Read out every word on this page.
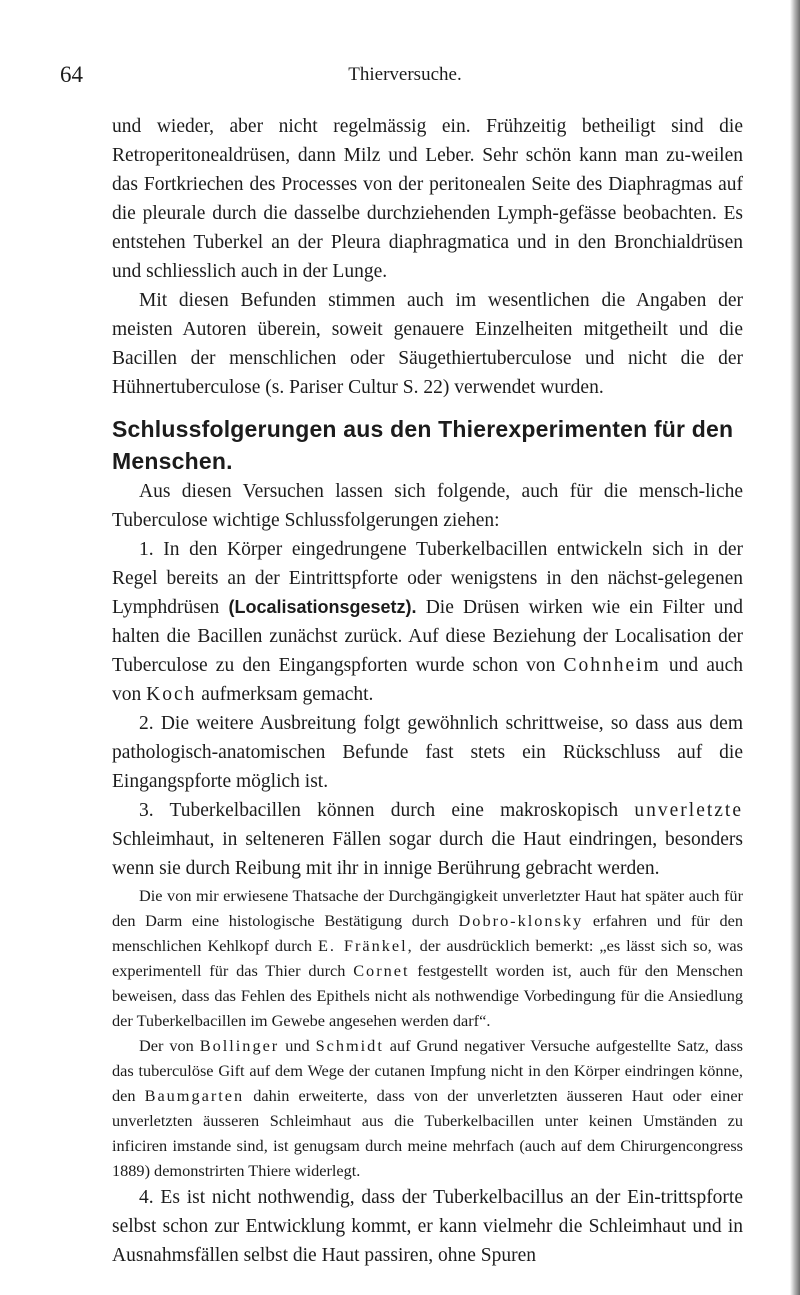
64	Thierversuche.

und wieder, aber nicht regelmässig ein. Frühzeitig betheiligt sind die Retroperitonealdrüsen, dann Milz und Leber. Sehr schön kann man zu-weilen das Fortkriechen des Processes von der peritonealen Seite des Diaphragmas auf die pleurale durch die dasselbe durchziehenden Lymph-gefässe beobachten. Es entstehen Tuberkel an der Pleura diaphragmatica und in den Bronchialdrüsen und schliesslich auch in der Lunge.

Mit diesen Befunden stimmen auch im wesentlichen die Angaben der meisten Autoren überein, soweit genauere Einzelheiten mitgetheilt und die Bacillen der menschlichen oder Säugethiertuberculose und nicht die der Hühnertuberculose (s. Pariser Cultur S. 22) verwendet wurden.

Schlussfolgerungen aus den Thierexperimenten für den Menschen.

Aus diesen Versuchen lassen sich folgende, auch für die mensch-liche Tuberculose wichtige Schlussfolgerungen ziehen:

1. In den Körper eingedrungene Tuberkelbacillen entwickeln sich in der Regel bereits an der Eintrittspforte oder wenigstens in den nächst-gelegenen Lymphdrüsen (Localisationsgesetz). Die Drüsen wirken wie ein Filter und halten die Bacillen zunächst zurück. Auf diese Beziehung der Localisation der Tuberculose zu den Eingangspforten wurde schon von Cohnheim und auch von Koch aufmerksam gemacht.

2. Die weitere Ausbreitung folgt gewöhnlich schrittweise, so dass aus dem pathologisch-anatomischen Befunde fast stets ein Rückschluss auf die Eingangspforte möglich ist.

3. Tuberkelbacillen können durch eine makroskopisch unverletzte Schleimhaut, in selteneren Fällen sogar durch die Haut eindringen, besonders wenn sie durch Reibung mit ihr in innige Berührung gebracht werden.

Die von mir erwiesene Thatsache der Durchgängigkeit unverletzter Haut hat später auch für den Darm eine histologische Bestätigung durch Dobro-klonsky erfahren und für den menschlichen Kehlkopf durch E. Fränkel, der ausdrücklich bemerkt: „es lässt sich so, was experimentell für das Thier durch Cornet festgestellt worden ist, auch für den Menschen beweisen, dass das Fehlen des Epithels nicht als nothwendige Vorbedingung für die Ansiedlung der Tuberkelbacillen im Gewebe angesehen werden darf“.

Der von Bollinger und Schmidt auf Grund negativer Versuche aufgestellte Satz, dass das tuberculöse Gift auf dem Wege der cutanen Impfung nicht in den Körper eindringen könne, den Baumgarten dahin erweiterte, dass von der unverletzten äusseren Haut oder einer unverletzten äusseren Schleimhaut aus die Tuberkelbacillen unter keinen Umständen zu inficiren imstande sind, ist genugsam durch meine mehrfach (auch auf dem Chirurgencongress 1889) demonstrirten Thiere widerlegt.

4. Es ist nicht nothwendig, dass der Tuberkelbacillus an der Ein-trittspforte selbst schon zur Entwicklung kommt, er kann vielmehr die Schleimhaut und in Ausnahmsfällen selbst die Haut passiren, ohne Spuren
